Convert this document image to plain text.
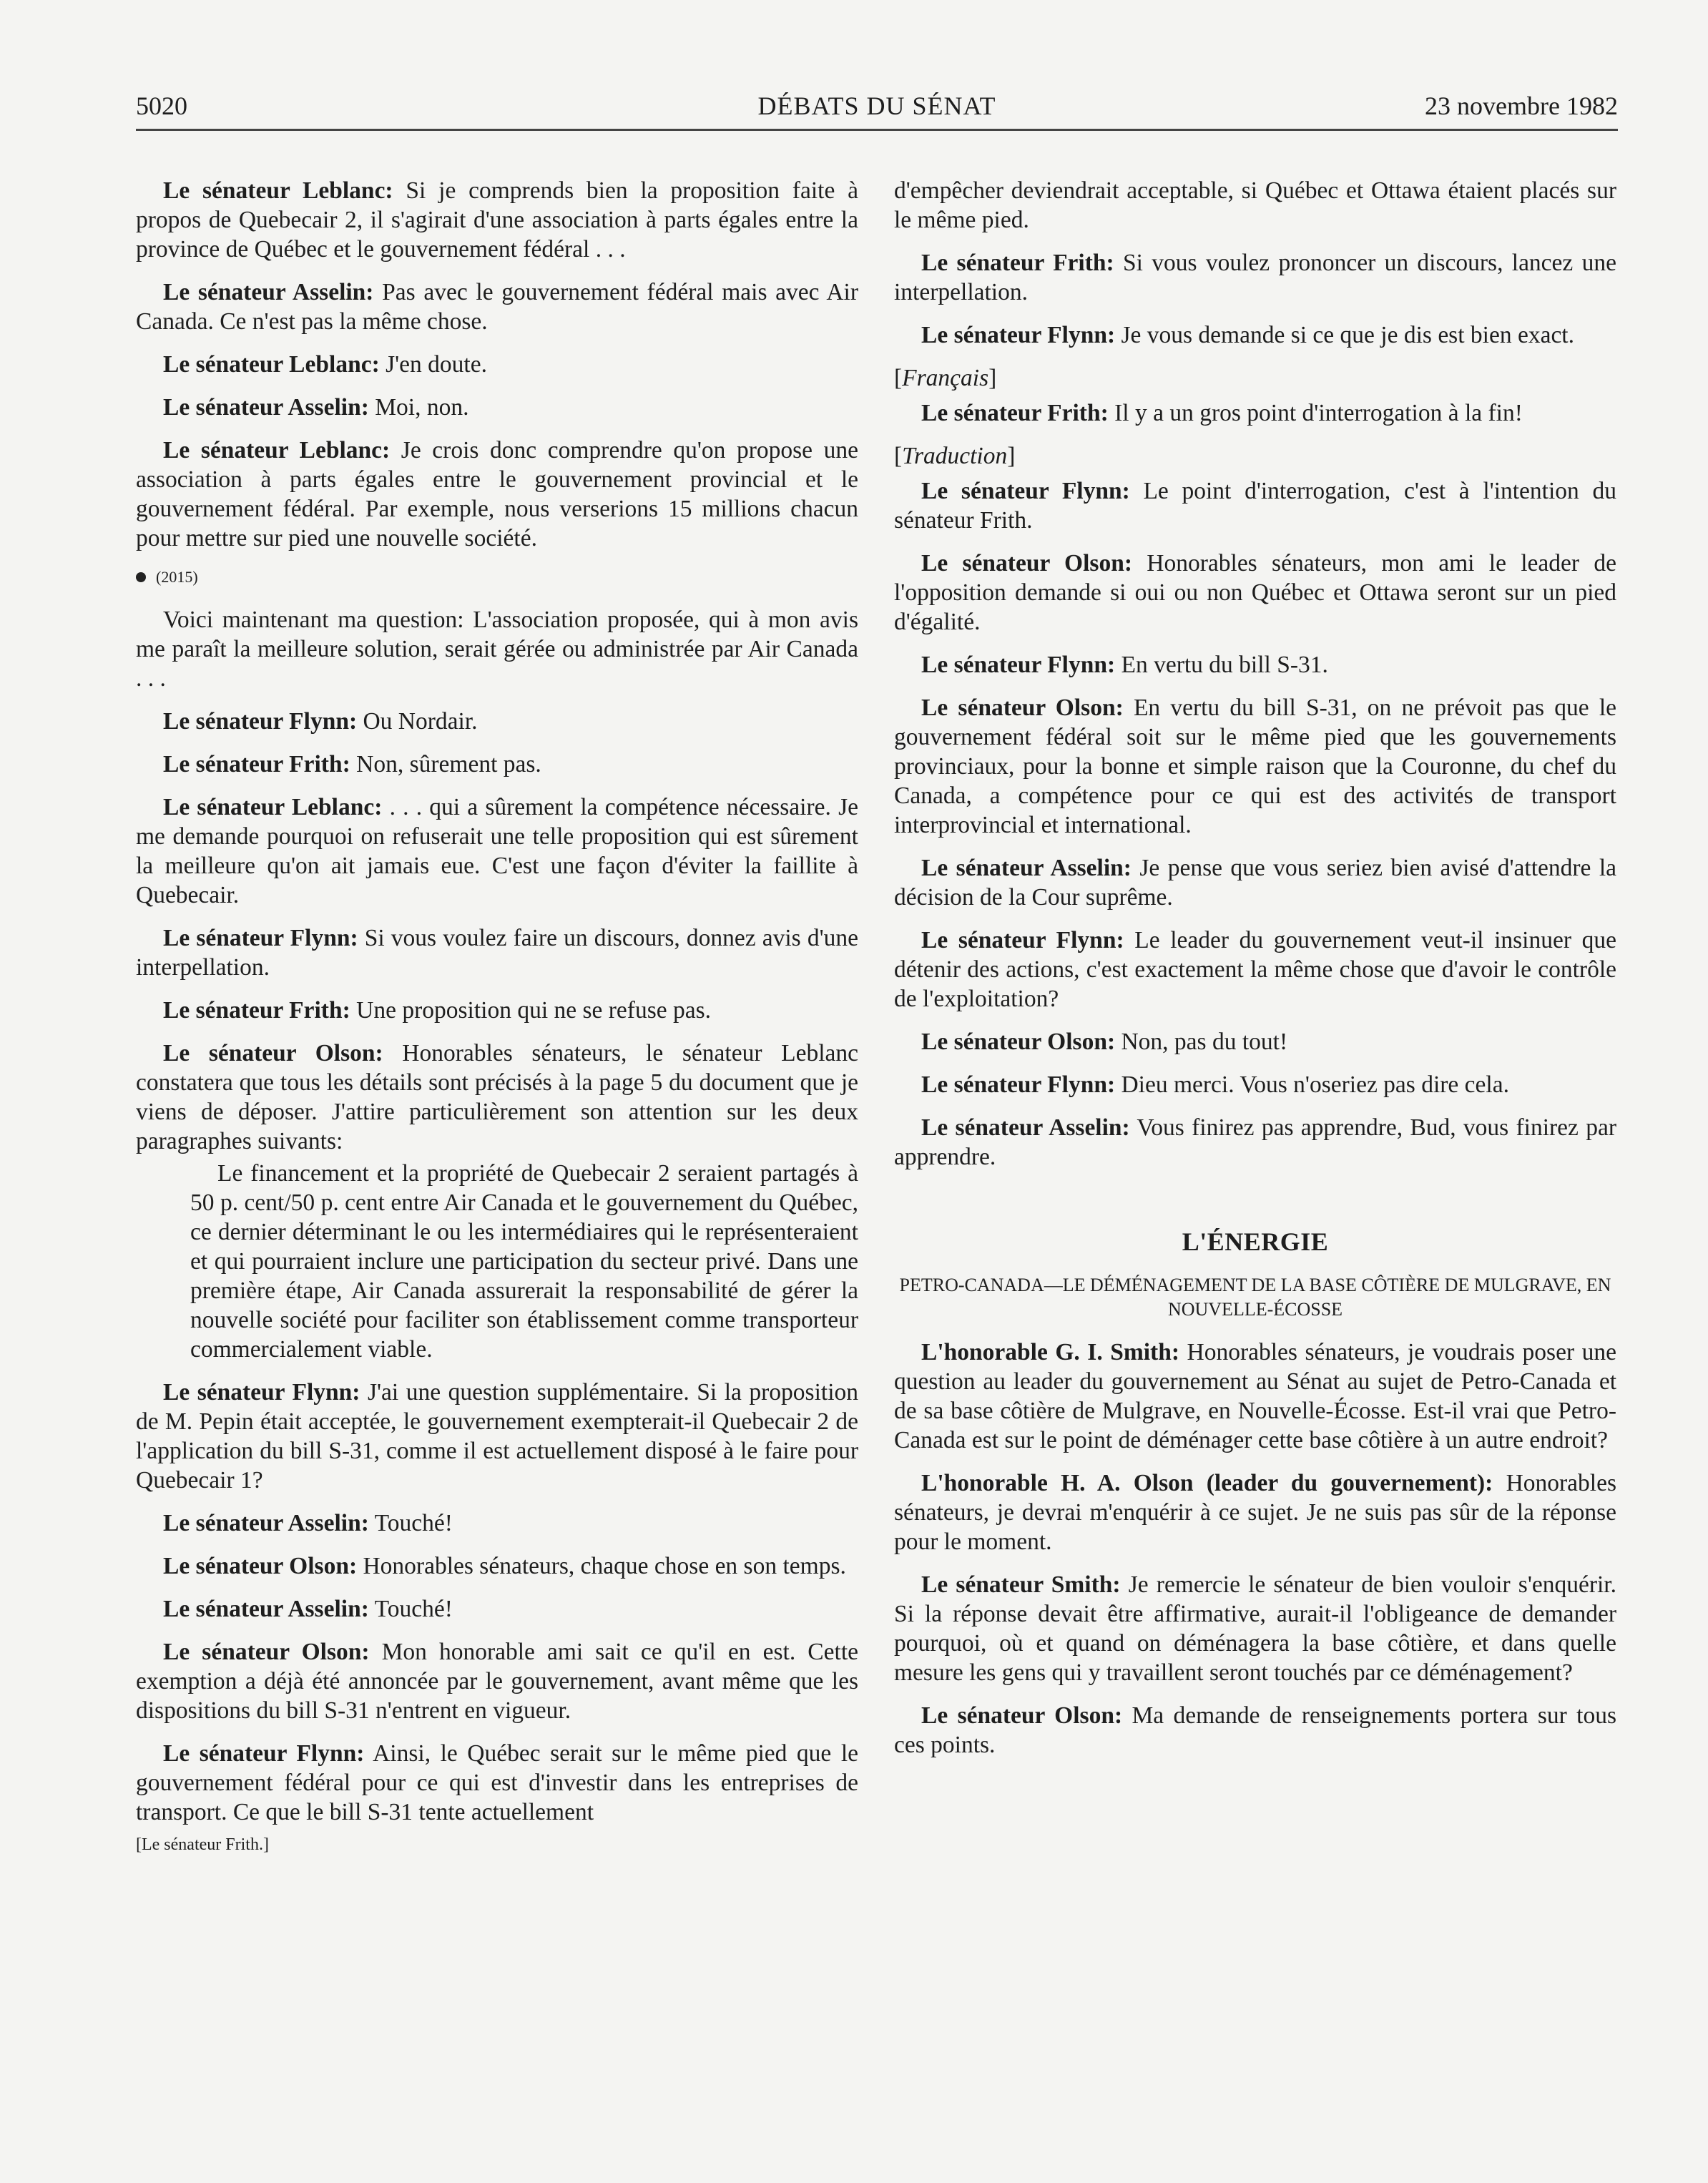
5020	DÉBATS DU SÉNAT	23 novembre 1982

Le sénateur Leblanc: Si je comprends bien la proposition faite à propos de Quebecair 2, il s'agirait d'une association à parts égales entre la province de Québec et le gouvernement fédéral . . .

Le sénateur Asselin: Pas avec le gouvernement fédéral mais avec Air Canada. Ce n'est pas la même chose.

Le sénateur Leblanc: J'en doute.

Le sénateur Asselin: Moi, non.

Le sénateur Leblanc: Je crois donc comprendre qu'on propose une association à parts égales entre le gouvernement provincial et le gouvernement fédéral. Par exemple, nous verserions 15 millions chacun pour mettre sur pied une nouvelle société.

(2015)

Voici maintenant ma question: L'association proposée, qui à mon avis me paraît la meilleure solution, serait gérée ou administrée par Air Canada . . .

Le sénateur Flynn: Ou Nordair.

Le sénateur Frith: Non, sûrement pas.

Le sénateur Leblanc: . . . qui a sûrement la compétence nécessaire. Je me demande pourquoi on refuserait une telle proposition qui est sûrement la meilleure qu'on ait jamais eue. C'est une façon d'éviter la faillite à Quebecair.

Le sénateur Flynn: Si vous voulez faire un discours, donnez avis d'une interpellation.

Le sénateur Frith: Une proposition qui ne se refuse pas.

Le sénateur Olson: Honorables sénateurs, le sénateur Leblanc constatera que tous les détails sont précisés à la page 5 du document que je viens de déposer. J'attire particulièrement son attention sur les deux paragraphes suivants:

Le financement et la propriété de Quebecair 2 seraient partagés à 50 p. cent/50 p. cent entre Air Canada et le gouvernement du Québec, ce dernier déterminant le ou les intermédiaires qui le représenteraient et qui pourraient inclure une participation du secteur privé. Dans une première étape, Air Canada assurerait la responsabilité de gérer la nouvelle société pour faciliter son établissement comme transporteur commercialement viable.

Le sénateur Flynn: J'ai une question supplémentaire. Si la proposition de M. Pepin était acceptée, le gouvernement exempterait-il Quebecair 2 de l'application du bill S-31, comme il est actuellement disposé à le faire pour Quebecair 1?

Le sénateur Asselin: Touché!

Le sénateur Olson: Honorables sénateurs, chaque chose en son temps.

Le sénateur Asselin: Touché!

Le sénateur Olson: Mon honorable ami sait ce qu'il en est. Cette exemption a déjà été annoncée par le gouvernement, avant même que les dispositions du bill S-31 n'entrent en vigueur.

Le sénateur Flynn: Ainsi, le Québec serait sur le même pied que le gouvernement fédéral pour ce qui est d'investir dans les entreprises de transport. Ce que le bill S-31 tente actuellement

[Le sénateur Frith.]

d'empêcher deviendrait acceptable, si Québec et Ottawa étaient placés sur le même pied.

Le sénateur Frith: Si vous voulez prononcer un discours, lancez une interpellation.

Le sénateur Flynn: Je vous demande si ce que je dis est bien exact.

[Français]

Le sénateur Frith: Il y a un gros point d'interrogation à la fin!

[Traduction]

Le sénateur Flynn: Le point d'interrogation, c'est à l'intention du sénateur Frith.

Le sénateur Olson: Honorables sénateurs, mon ami le leader de l'opposition demande si oui ou non Québec et Ottawa seront sur un pied d'égalité.

Le sénateur Flynn: En vertu du bill S-31.

Le sénateur Olson: En vertu du bill S-31, on ne prévoit pas que le gouvernement fédéral soit sur le même pied que les gouvernements provinciaux, pour la bonne et simple raison que la Couronne, du chef du Canada, a compétence pour ce qui est des activités de transport interprovincial et international.

Le sénateur Asselin: Je pense que vous seriez bien avisé d'attendre la décision de la Cour suprême.

Le sénateur Flynn: Le leader du gouvernement veut-il insinuer que détenir des actions, c'est exactement la même chose que d'avoir le contrôle de l'exploitation?

Le sénateur Olson: Non, pas du tout!

Le sénateur Flynn: Dieu merci. Vous n'oseriez pas dire cela.

Le sénateur Asselin: Vous finirez pas apprendre, Bud, vous finirez par apprendre.

L'ÉNERGIE
PETRO-CANADA—LE DÉMÉNAGEMENT DE LA BASE CÔTIÈRE DE MULGRAVE, EN NOUVELLE-ÉCOSSE

L'honorable G. I. Smith: Honorables sénateurs, je voudrais poser une question au leader du gouvernement au Sénat au sujet de Petro-Canada et de sa base côtière de Mulgrave, en Nouvelle-Écosse. Est-il vrai que Petro-Canada est sur le point de déménager cette base côtière à un autre endroit?

L'honorable H. A. Olson (leader du gouvernement): Honorables sénateurs, je devrai m'enquérir à ce sujet. Je ne suis pas sûr de la réponse pour le moment.

Le sénateur Smith: Je remercie le sénateur de bien vouloir s'enquérir. Si la réponse devait être affirmative, aurait-il l'obligeance de demander pourquoi, où et quand on déménagera la base côtière, et dans quelle mesure les gens qui y travaillent seront touchés par ce déménagement?

Le sénateur Olson: Ma demande de renseignements portera sur tous ces points.
